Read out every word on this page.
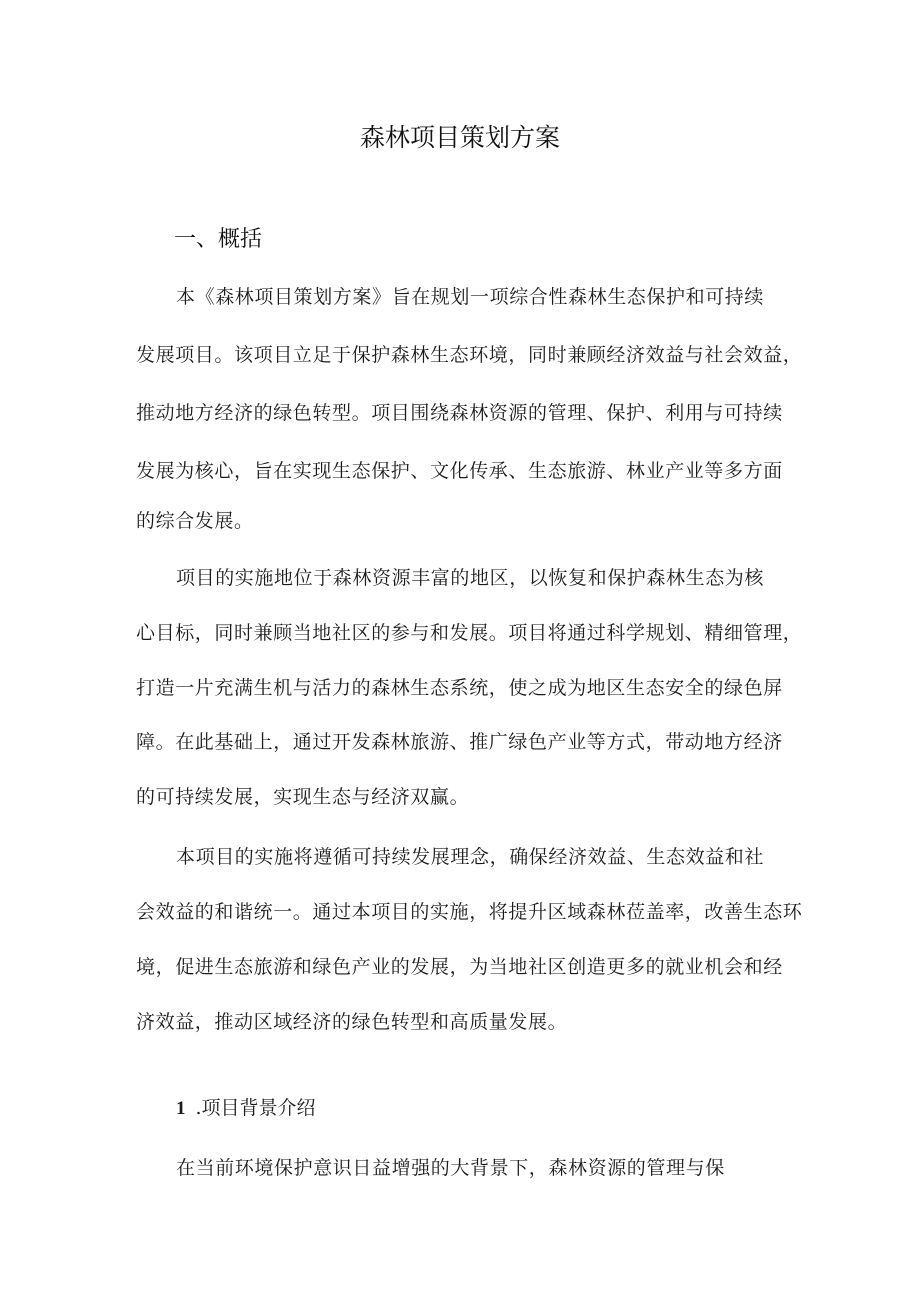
森林项目策划方案
一、概括
本《森林项目策划方案》旨在规划一项综合性森林生态保护和可持续
发展项目。该项目立足于保护森林生态环境，同时兼顾经济效益与社会效益，
推动地方经济的绿色转型。项目围绕森林资源的管理、保护、利用与可持续
发展为核心，旨在实现生态保护、文化传承、生态旅游、林业产业等多方面
的综合发展。
项目的实施地位于森林资源丰富的地区，以恢复和保护森林生态为核
心目标，同时兼顾当地社区的参与和发展。项目将通过科学规划、精细管理，
打造一片充满生机与活力的森林生态系统，使之成为地区生态安全的绿色屏
障。在此基础上，通过开发森林旅游、推广绿色产业等方式，带动地方经济
的可持续发展，实现生态与经济双赢。
本项目的实施将遵循可持续发展理念，确保经济效益、生态效益和社
会效益的和谐统一。通过本项目的实施，将提升区域森林莅盖率，改善生态环
境，促进生态旅游和绿色产业的发展，为当地社区创造更多的就业机会和经
济效益，推动区域经济的绿色转型和高质量发展。
1 .项目背景介绍
在当前环境保护意识日益增强的大背景下，森林资源的管理与保
